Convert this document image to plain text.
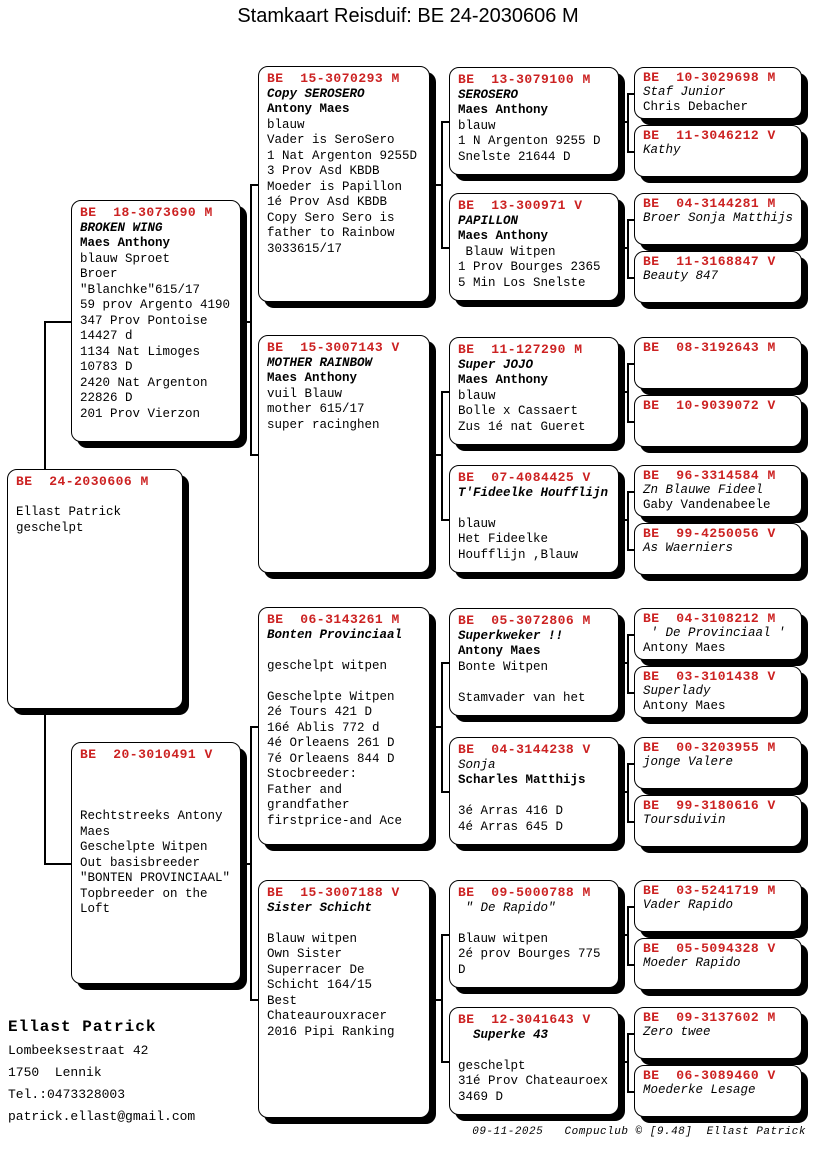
Stamkaart Reisduif: BE 24-2030606 M
BE  24-2030606 M

Ellast Patrick
geschelpt
BE  18-3073690 M
BROKEN WING
Maes Anthony
blauw Sproet
Broer
"Blanchke"615/17
59 prov Argento 4190
347 Prov Pontoise
14427 d
1134 Nat Limoges
10783 D
2420 Nat Argenton
22826 D
201 Prov Vierzon
BE  20-3010491 V

Rechtstreeks Antony
Maes
Geschelpte Witpen
Out basisbreeder
"BONTEN PROVINCIAAL"
Topbreeder on the
Loft
BE  15-3070293 M
Copy SEROSERO
Antony Maes
blauw
Vader is SeroSero
1 Nat Argenton 9255D
3 Prov Asd KBDB
Moeder is Papillon
1é Prov Asd KBDB
Copy Sero Sero is
father to Rainbow
3033615/17
BE  15-3007143 V
MOTHER RAINBOW
Maes Anthony
vuil Blauw
mother 615/17
super racinghen
BE  06-3143261 M
Bonten Provinciaal

geschelpt witpen

Geschelpte Witpen
2é Tours 421 D
16é Ablis 772 d
4é Orleaens 261 D
7é Orleaens 844 D
Stocbreeder:
Father and
grandfather
firstprice-and Ace
BE  15-3007188 V
Sister Schicht

Blauw witpen
Own Sister
Superracer De
Schicht 164/15
Best
Chateaurouxracer
2016 Pipi Ranking
BE  13-3079100 M
SEROSERO
Maes Anthony
blauw
1 N Argenton 9255 D
Snelste 21644 D
BE  13-300971 V
PAPILLON
Maes Anthony
Blauw Witpen
1 Prov Bourges 2365
5 Min Los Snelste
BE  11-127290 M
Super JOJO
Maes Anthony
blauw
Bolle x Cassaert
Zus 1é nat Gueret
BE  07-4084425 V
T'Fideelke Houfflijn

blauw
Het Fideelke
Houfflijn ,Blauw
BE  05-3072806 M
Superkweker !!
Antony Maes
Bonte Witpen

Stamvader van het
BE  04-3144238 V
Sonja
Scharles Matthijs

3é Arras 416 D
4é Arras 645 D
BE  09-5000788 M
" De Rapido"

Blauw witpen
2é prov Bourges 775
D
BE  12-3041643 V
Superke 43

geschelpt
31é Prov Chateauroex
3469 D
BE  10-3029698 M
Staf Junior
Chris Debacher
BE  11-3046212 V
Kathy
BE  04-3144281 M
Broer Sonja Matthijs
BE  11-3168847 V
Beauty 847
BE  08-3192643 M
BE  10-9039072 V
BE  96-3314584 M
Zn Blauwe Fideel
Gaby Vandenabeele
BE  99-4250056 V
As Waerniers
BE  04-3108212 M
' De Provinciaal '
Antony Maes
BE  03-3101438 V
Superlady
Antony Maes
BE  00-3203955 M
jonge Valere
BE  99-3180616 V
Toursduivin
BE  03-5241719 M
Vader Rapido
BE  05-5094328 V
Moeder Rapido
BE  09-3137602 M
Zero twee
BE  06-3089460 V
Moederke Lesage
Ellast Patrick
Lombeeksestraat 42
1750  Lennik
Tel.:0473328003
patrick.ellast@gmail.com
09-11-2025 Compuclub © [9.48] Ellast Patrick
